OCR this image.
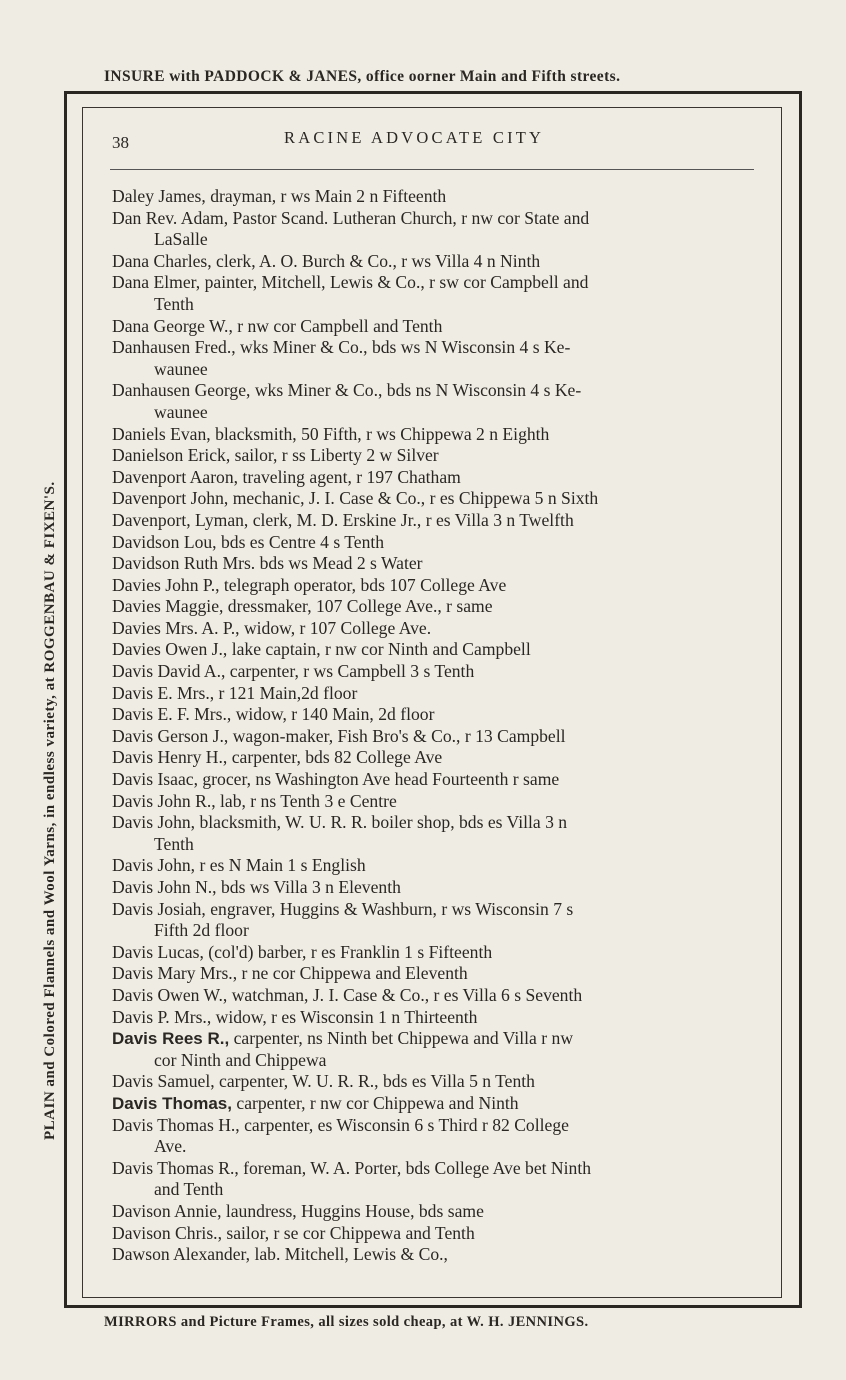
INSURE with PADDOCK & JANES, office oorner Main and Fifth streets.
PLAIN and Colored Flannels and Wool Yarns, in endless variety, at ROGGENBAU & FIXEN'S.
38	RACINE ADVOCATE CITY
Daley James, drayman, r ws Main 2 n Fifteenth
Dan Rev. Adam, Pastor Scand. Lutheran Church, r nw cor State and
LaSalle
Dana Charles, clerk, A. O. Burch & Co., r ws Villa 4 n Ninth
Dana Elmer, painter, Mitchell, Lewis & Co., r sw cor Campbell and
Tenth
Dana George W., r nw cor Campbell and Tenth
Danhausen Fred., wks Miner & Co., bds ws N Wisconsin 4 s Ke-
waunee
Danhausen George, wks Miner & Co., bds ns N Wisconsin 4 s Ke-
waunee
Daniels Evan, blacksmith, 50 Fifth, r ws Chippewa 2 n Eighth
Danielson Erick, sailor, r ss Liberty 2 w Silver
Davenport Aaron, traveling agent, r 197 Chatham
Davenport John, mechanic, J. I. Case & Co., r es Chippewa 5 n Sixth
Davenport, Lyman, clerk, M. D. Erskine Jr., r es Villa 3 n Twelfth
Davidson Lou, bds es Centre 4 s Tenth
Davidson Ruth Mrs. bds ws Mead 2 s Water
Davies John P., telegraph operator, bds 107 College Ave
Davies Maggie, dressmaker, 107 College Ave., r same
Davies Mrs. A. P., widow, r 107 College Ave.
Davies Owen J., lake captain, r nw cor Ninth and Campbell
Davis David A., carpenter, r ws Campbell 3 s Tenth
Davis E. Mrs., r 121 Main,2d floor
Davis E. F. Mrs., widow, r 140 Main, 2d floor
Davis Gerson J., wagon-maker, Fish Bro's & Co., r 13 Campbell
Davis Henry H., carpenter, bds 82 College Ave
Davis Isaac, grocer, ns Washington Ave head Fourteenth r same
Davis John R., lab, r ns Tenth 3 e Centre
Davis John, blacksmith, W. U. R. R. boiler shop, bds es Villa 3 n
Tenth
Davis John, r es N Main 1 s English
Davis John N., bds ws Villa 3 n Eleventh
Davis Josiah, engraver, Huggins & Washburn, r ws Wisconsin 7 s
Fifth 2d floor
Davis Lucas, (col'd) barber, r es Franklin 1 s Fifteenth
Davis Mary Mrs., r ne cor Chippewa and Eleventh
Davis Owen W., watchman, J. I. Case & Co., r es Villa 6 s Seventh
Davis P. Mrs., widow, r es Wisconsin 1 n Thirteenth
Davis Rees R., carpenter, ns Ninth bet Chippewa and Villa r nw
cor Ninth and Chippewa
Davis Samuel, carpenter, W. U. R. R., bds es Villa 5 n Tenth
Davis Thomas, carpenter, r nw cor Chippewa and Ninth
Davis Thomas H., carpenter, es Wisconsin 6 s Third r 82 College
Ave.
Davis Thomas R., foreman, W. A. Porter, bds College Ave bet Ninth
and Tenth
Davison Annie, laundress, Huggins House, bds same
Davison Chris., sailor, r se cor Chippewa and Tenth
Dawson Alexander, lab. Mitchell, Lewis & Co.,
MIRRORS and Picture Frames, all sizes sold cheap, at W. H. JENNINGS.
